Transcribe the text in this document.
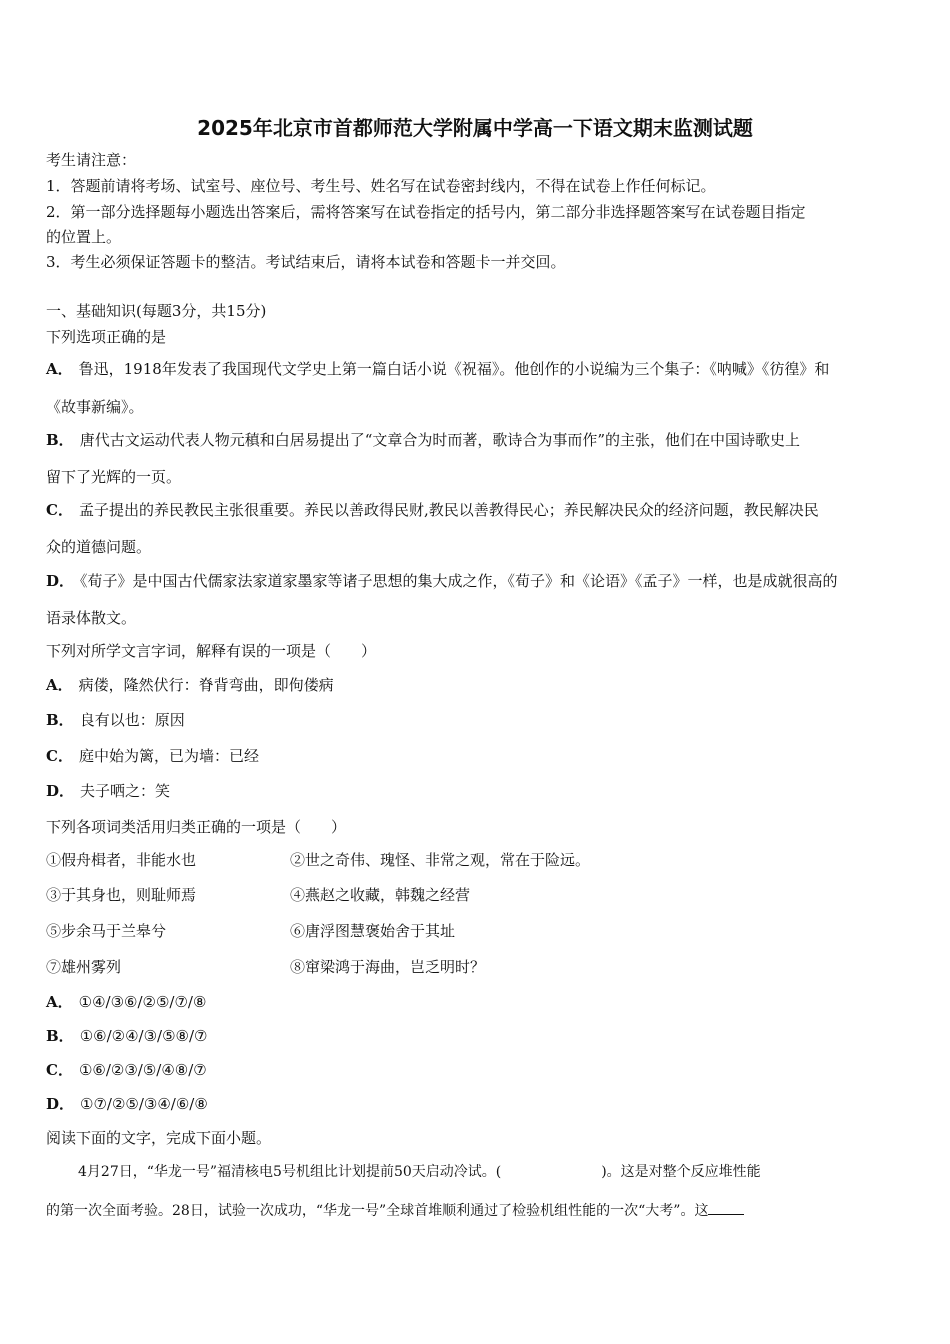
2025年北京市首都师范大学附属中学高一下语文期末监测试题
考生请注意：
1．答题前请将考场、试室号、座位号、考生号、姓名写在试卷密封线内，不得在试卷上作任何标记。
2．第一部分选择题每小题选出答案后，需将答案写在试卷指定的括号内，第二部分非选择题答案写在试卷题目指定
的位置上。
3．考生必须保证答题卡的整洁。考试结束后，请将本试卷和答题卡一并交回。
一、基础知识(每题3分，共15分)
下列选项正确的是
A． 鲁迅，1918年发表了我国现代文学史上第一篇白话小说《祝福》。他创作的小说编为三个集子：《呐喊》《彷徨》和
《故事新编》。
B． 唐代古文运动代表人物元稹和白居易提出了“文章合为时而著，歌诗合为事而作”的主张，他们在中国诗歌史上
留下了光辉的一页。
C． 孟子提出的养民教民主张很重要。养民以善政得民财,教民以善教得民心；养民解决民众的经济问题，教民解决民
众的道德问题。
D． 《荀子》是中国古代儒家法家道家墨家等诸子思想的集大成之作，《荀子》和《论语》《孟子》一样，也是成就很高的
语录体散文。
下列对所学文言字词，解释有误的一项是（　　）
A． 病偻，隆然伏行：脊背弯曲，即佝偻病
B． 良有以也：原因
C． 庭中始为篱，已为墙：已经
D． 夫子哂之：笑
下列各项词类活用归类正确的一项是（　　）
①假舟楫者，非能水也	②世之奇伟、瑰怪、非常之观，常在于险远。
③于其身也，则耻师焉	④燕赵之收藏，韩魏之经营
⑤步余马于兰皋兮	⑥唐浮图慧褒始舍于其址
⑦雄州雾列	⑧窜梁鸿于海曲，岂乏明时？
A． ①④/③⑥/②⑤/⑦/⑧
B． ①⑥/②④/③/⑤⑧/⑦
C． ①⑥/②③/⑤/④⑧/⑦
D． ①⑦/②⑤/③④/⑥/⑧
阅读下面的文字，完成下面小题。
4月27日，“华龙一号”福清核电5号机组比计划提前50天启动冷试。(	)。这是对整个反应堆性能
的第一次全面考验。28日，试验一次成功，“华龙一号”全球首堆顺利通过了检验机组性能的一次“大考”。这
